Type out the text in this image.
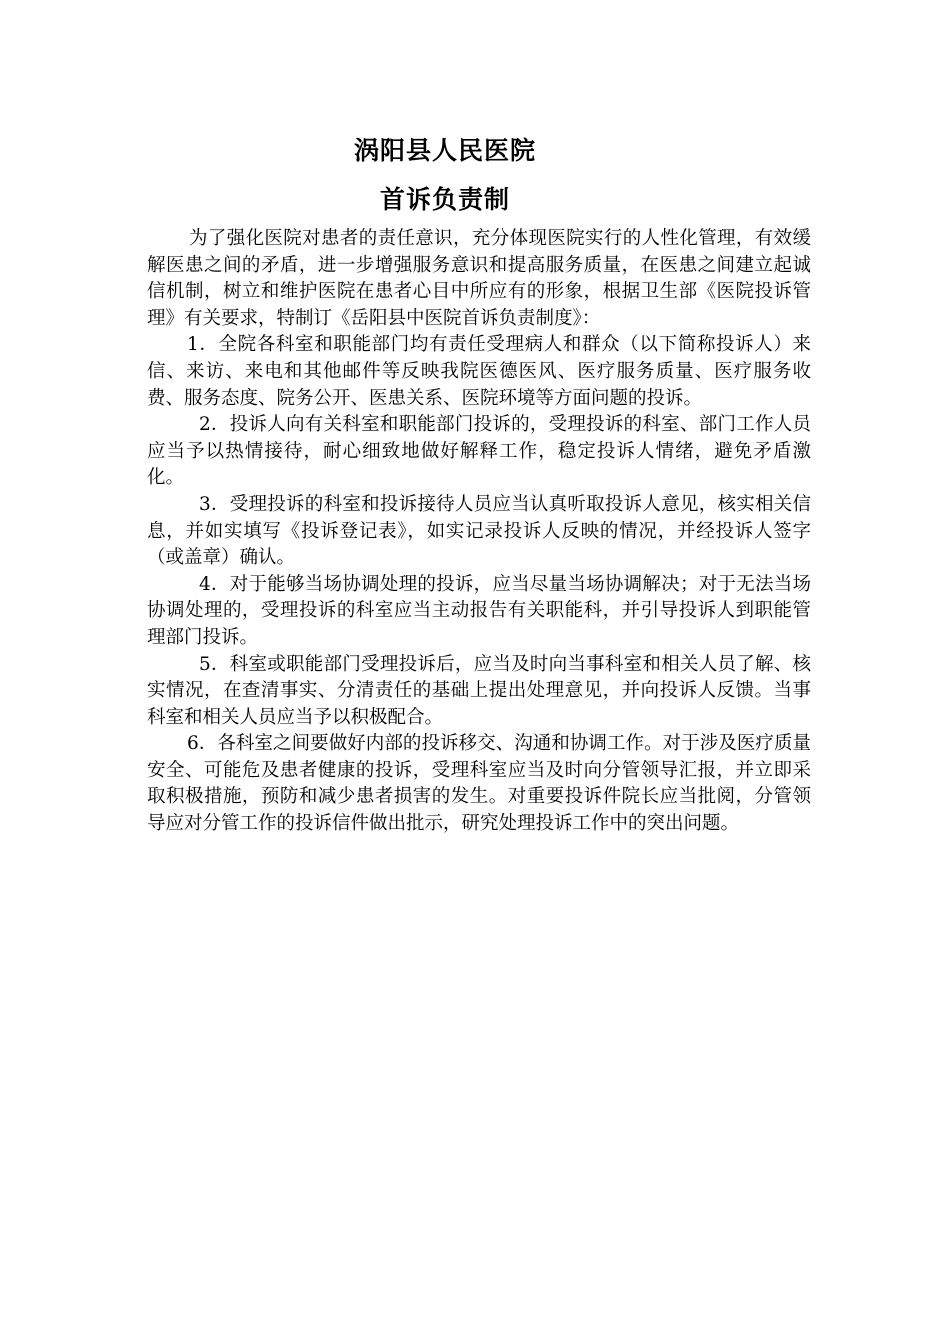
涡阳县人民医院
首诉负责制

为了强化医院对患者的责任意识，充分体现医院实行的人性化管理，有效缓解医患之间的矛盾，进一步增强服务意识和提高服务质量，在医患之间建立起诚信机制，树立和维护医院在患者心目中所应有的形象，根据卫生部《医院投诉管理》有关要求，特制订《岳阳县中医院首诉负责制度》：

1．全院各科室和职能部门均有责任受理病人和群众（以下简称投诉人）来信、来访、来电和其他邮件等反映我院医德医风、医疗服务质量、医疗服务收费、服务态度、院务公开、医患关系、医院环境等方面问题的投诉。

2．投诉人向有关科室和职能部门投诉的，受理投诉的科室、部门工作人员应当予以热情接待，耐心细致地做好解释工作，稳定投诉人情绪，避免矛盾激化。

3．受理投诉的科室和投诉接待人员应当认真听取投诉人意见，核实相关信息，并如实填写《投诉登记表》，如实记录投诉人反映的情况，并经投诉人签字（或盖章）确认。

4．对于能够当场协调处理的投诉，应当尽量当场协调解决；对于无法当场协调处理的，受理投诉的科室应当主动报告有关职能科，并引导投诉人到职能管理部门投诉。

5．科室或职能部门受理投诉后，应当及时向当事科室和相关人员了解、核实情况，在查清事实、分清责任的基础上提出处理意见，并向投诉人反馈。当事科室和相关人员应当予以积极配合。

6．各科室之间要做好内部的投诉移交、沟通和协调工作。对于涉及医疗质量安全、可能危及患者健康的投诉，受理科室应当及时向分管领导汇报，并立即采取积极措施，预防和减少患者损害的发生。对重要投诉件院长应当批阅，分管领导应对分管工作的投诉信件做出批示，研究处理投诉工作中的突出问题。
